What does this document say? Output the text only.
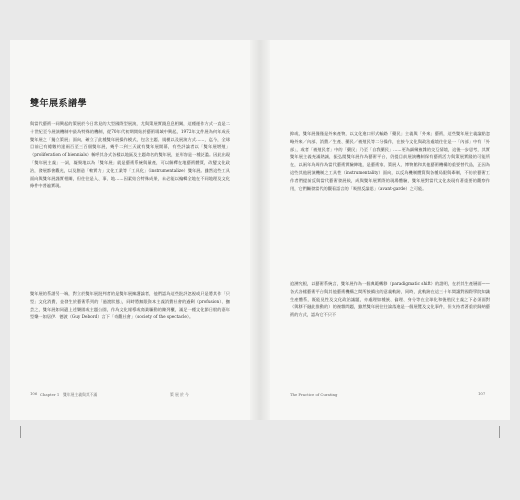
雙年展系譜學

與當代藝術一同興起的策展於今日常見的大型國際型展演，尤與策展實踐息息相關，這種運作方式一直是二十世紀至今展演機制中最為特殊的機制，從70年代初期開始於藝術場域中興起，1972年文件展為何年成長雙年展之「獨立策展」面向，確立了此種雙年展操作模式，包含主題、規模以及展演方式……，迄今，全球目前已有總數約達兩百至三百個雙年展，幾乎二到三天就有雙年展開幕，有些評論者以「雙年展增殖」（proliferation of biennials）稱呼其各式各樣以地區及主題命名的雙年展，並形容是一種泛濫。因此出現「雙年展主義」一詞，凝聚地以為「雙年展」就是藝術系統與量產，可以解釋在地藝術體質，改變文化政治，發展都會觀光，以及創造「軟實力」文化工業等「工具化」（instrumentalize）雙年展。雖然這些工具面向與雙年展謹實相關，但往往是入、事、地……因素結合特殊成果，未必能以編輯全地在不同地理及文化條件中普遍實現。

雙年展的系譜另一端，對立於雙年展批判者的是雙年展擁護論者，他們認為這些批評忽視或只是將其作「只型」文化消費，並發生於藝術系列的「過渡狀態」，同時將無限資本主義消費社會的過剩（profusion）、撫芸之，雙年展如同遺上述樂園或主題公園，作為文化報導或商業驅動的陳列櫃，滿足一種文化節日般的嘉年型樂一如居伊．德波（Guy Debord）言下「奇觀社會」（society of the spectacle）。

106 Chapter 1　雙年展主義與其不滿	策 展 於 今

抑或，雙年展僅僅是外來產物，以文化進口形式輸路「藥民」主義與「外來」藝術，這些雙年展主義論點忽略外來／內部、消費／生產、藥民／被殖民等二分操作，在接今文化與政治處境往往是一「內部」中有「外部」，或者「被殖民者」中的「藥民」乃至「自我藥民」……更為細緻複雜的交互情境，這後一步思考，其實雙年展主義充滿熱誠，振弘閱雙年展作為藝術平台，仍提目前展演機制保有藝術活力與策展實踐的可能所在，以兩年為周作為當代藝術實驗陣地，是藝術家、策展人、博物館和其他藝術機構的重要替代品，正因為這些其他展演機制之工具性（instrumentality）面向，以反為機制體質與各種局限與牽制，不仿於藝術工作者們提前反與當代藝術發展候，成與雙年展實際的現場體驗，雙年展對當代文化表現有著重要的觀察作用，它們觸發當代的觀看語言的「吸照反論思」（avant-garde）之可能。

追溯究根，以藝術系統言，雙年展作為一個典範轉移（paradigmatic shift）的證明，在於其生產層面——各式各樣藝術平台與其他藝術機構之間所接續出的意義軌跡，同時，此軌跡在這三十年間讓對國際學院知識生產體系，既能見性及文化政治議題，亦處理如種族、倫理、身分等在全球化和後殖民主義之下必須面對（與移不融此推動的）的複雜問題，雖然雙年展往往淪落進是一個展覽及文化事件，但支持者著重於歸納藝術的方式，認為它不只不

The Practice of Curating	107
